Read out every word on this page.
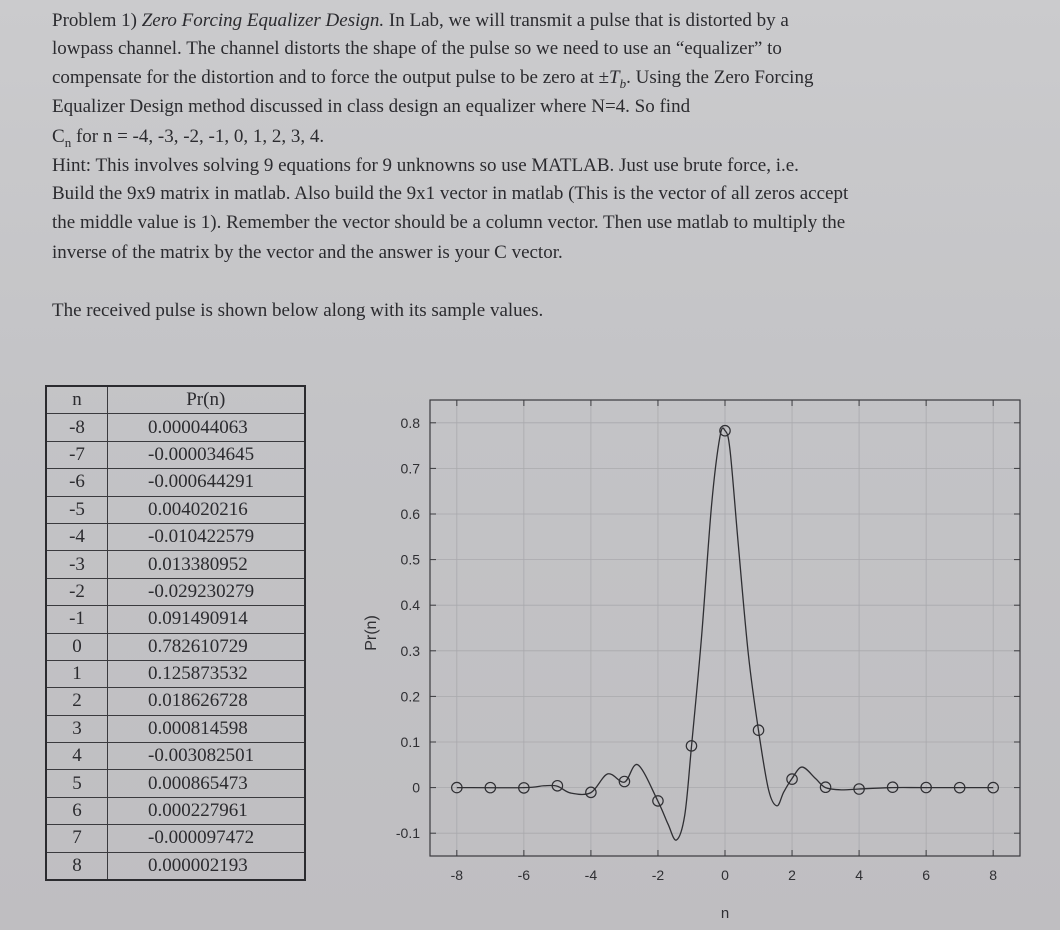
Problem 1) Zero Forcing Equalizer Design. In Lab, we will transmit a pulse that is distorted by a
lowpass channel. The channel distorts the shape of the pulse so we need to use an “equalizer” to
compensate for the distortion and to force the output pulse to be zero at $\pm T_b$. Using the Zero Forcing
Equalizer Design method discussed in class design an equalizer where N=4. So find
$C_n$ for n = -4, -3, -2, -1, 0, 1, 2, 3, 4.
Hint: This involves solving 9 equations for 9 unknowns so use MATLAB. Just use brute force, i.e.
Build the 9x9 matrix in matlab. Also build the 9x1 vector in matlab (This is the vector of all zeros accept
the middle value is 1). Remember the vector should be a column vector. Then use matlab to multiply the
inverse of the matrix by the vector and the answer is your C vector.
The received pulse is shown below along with its sample values.
n	Pr(n)
-8	0.000044063
-7	-0.000034645
-6	-0.000644291
-5	0.004020216
-4	-0.010422579
-3	0.013380952
-2	-0.029230279
-1	0.091490914
0	0.782610729
1	0.125873532
2	0.018626728
3	0.000814598
4	-0.003082501
5	0.000865473
6	0.000227961
7	-0.000097472
8	0.000002193	-8	-6	-4	-2	0	2	4	6	8
-0.1
0
0.1
0.2
0.3
0.4
0.5
0.6
0.7
0.8
n
Pr(n)
